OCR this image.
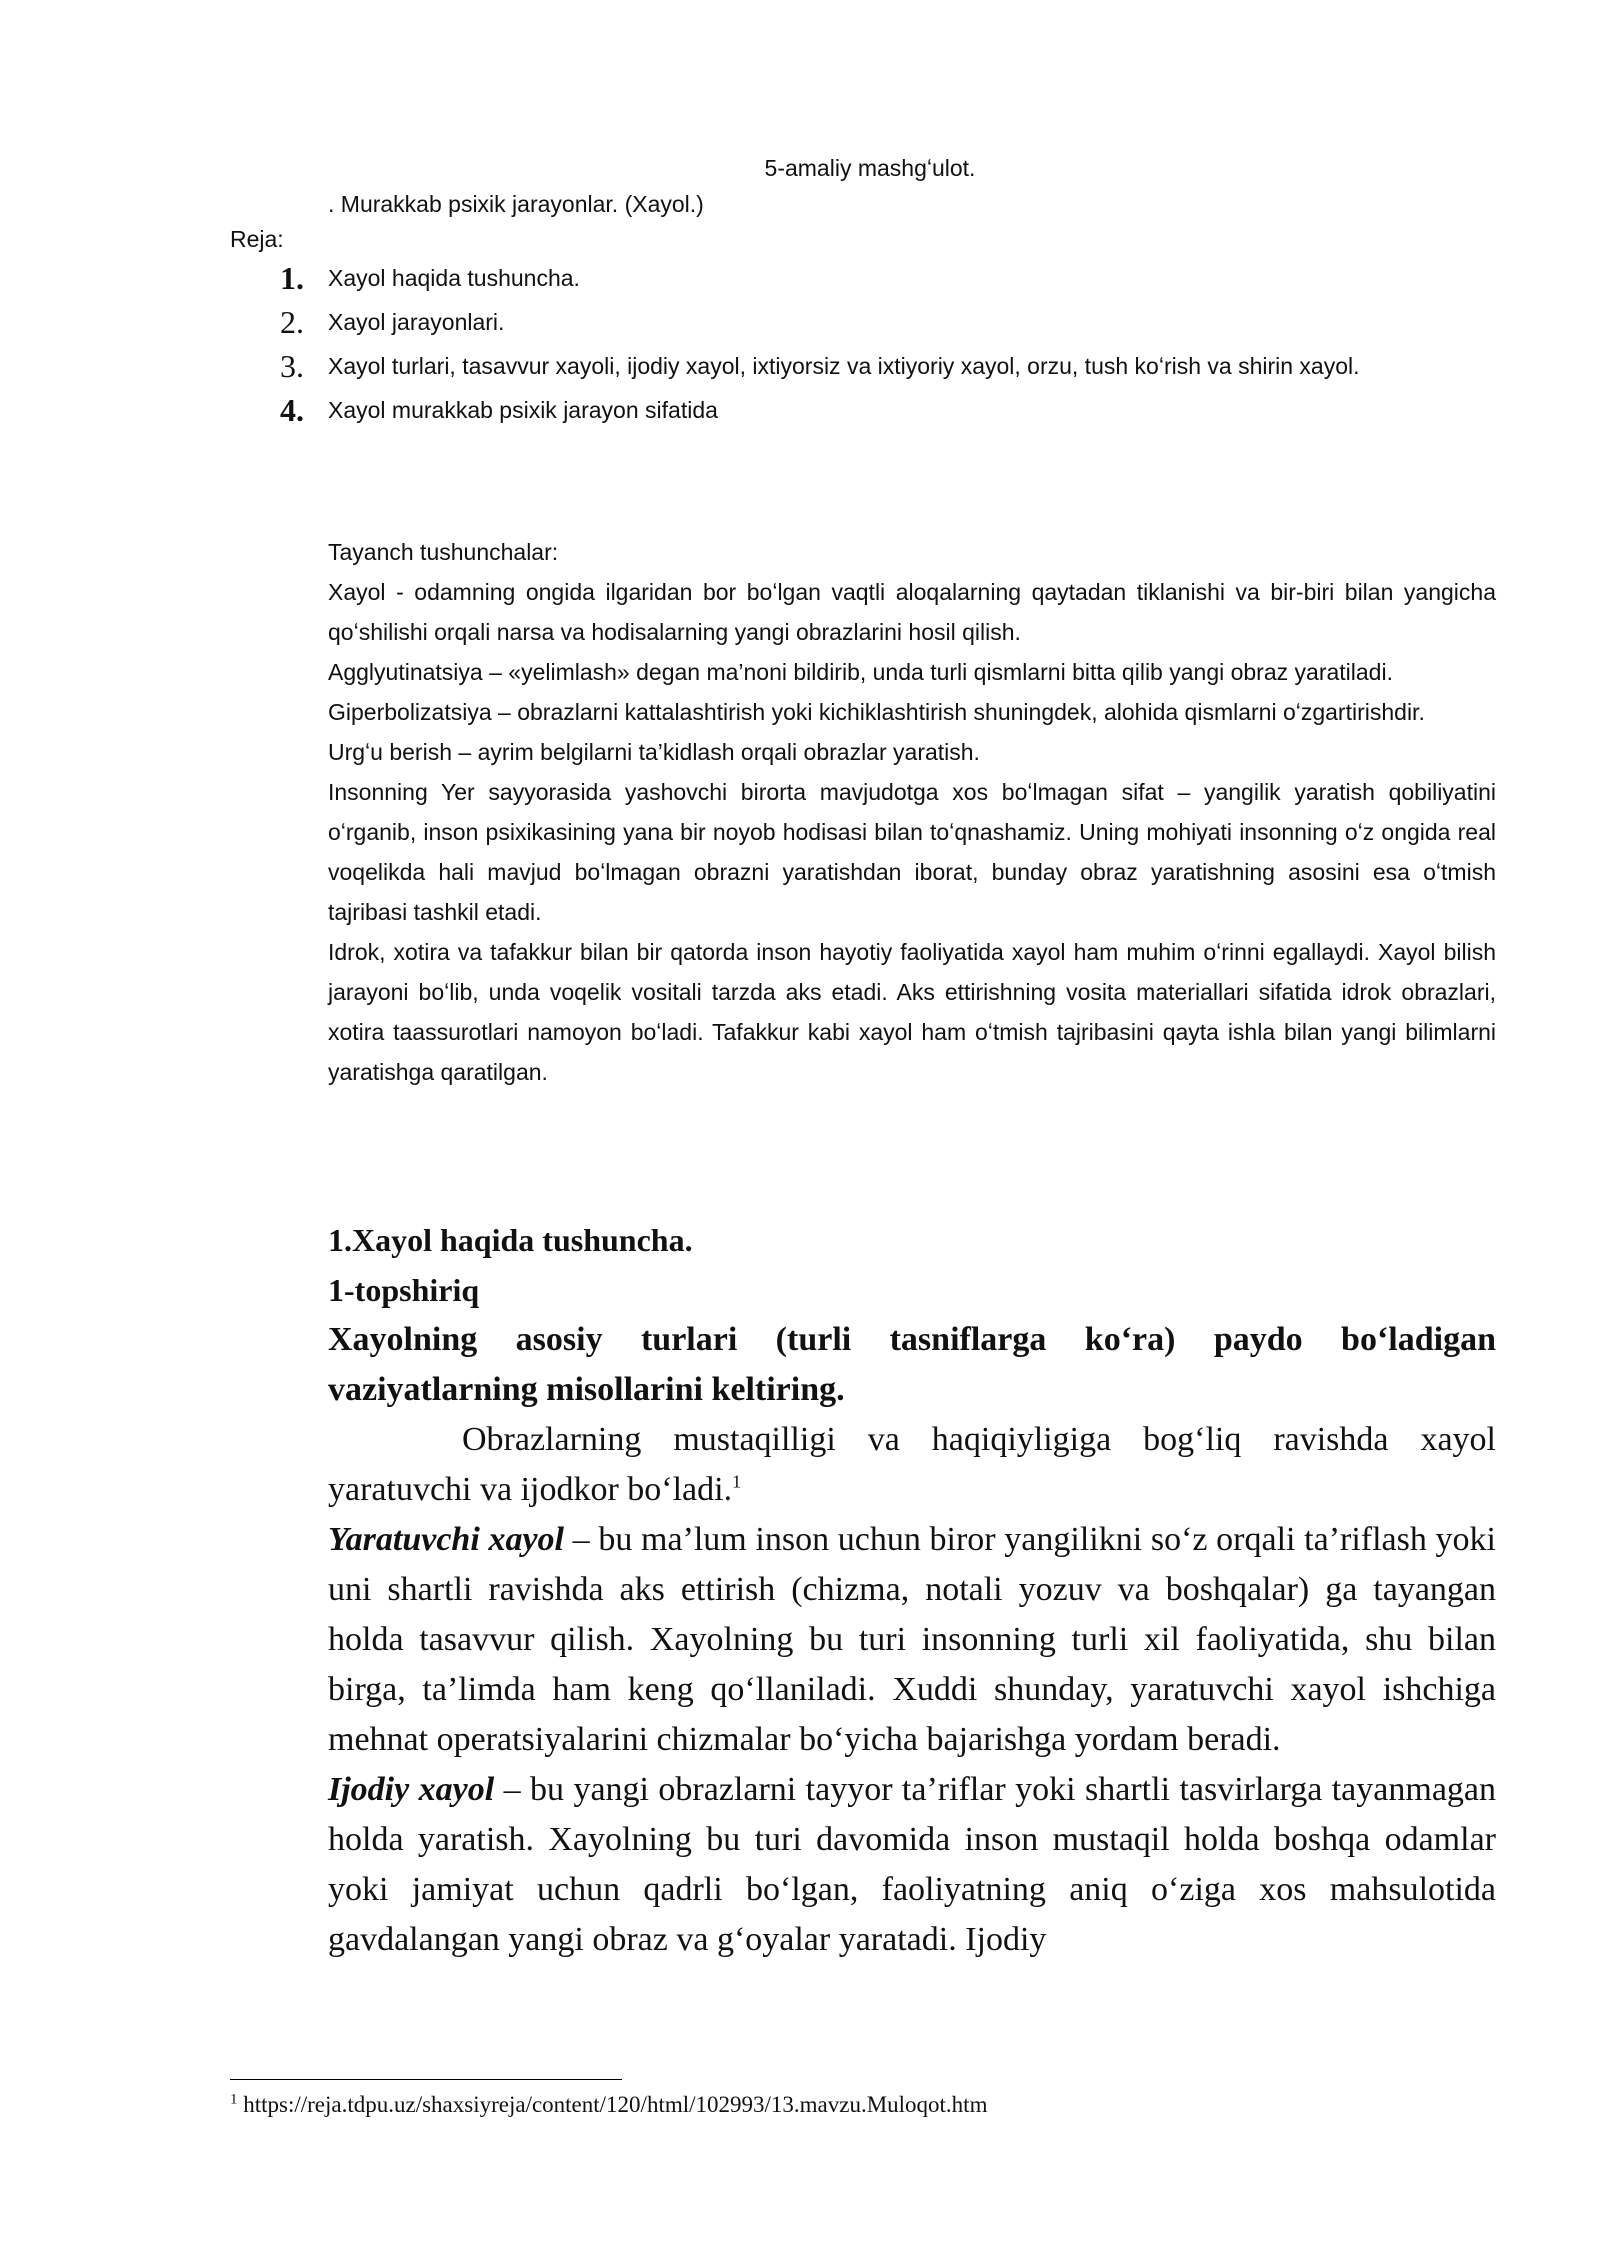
5-amaliy mashgʻulot.
. Murakkab psixik jarayonlar. (Xayol.)
Reja:
1. Xayol haqida tushuncha.
2. Xayol jarayonlari.
3. Xayol turlari, tasavvur xayoli, ijodiy xayol, ixtiyorsiz va ixtiyoriy xayol, orzu, tush koʻrish va shirin xayol.
4. Xayol murakkab psixik jarayon sifatida

Tayanch tushunchalar:

Xayol - odamning ongida ilgaridan bor boʻlgan vaqtli aloqalarning qaytadan tiklanishi va bir-biri bilan yangicha qoʻshilishi orqali narsa va hodisalarning yangi obrazlarini hosil qilish.

Agglyutinatsiya – «yelimlash» degan ma’noni bildirib, unda turli qismlarni bitta qilib yangi obraz yaratiladi.

Giperbolizatsiya – obrazlarni kattalashtirish yoki kichiklashtirish shuningdek, alohida qismlarni oʻzgartirishdir.

Urgʻu berish – ayrim belgilarni ta’kidlash orqali obrazlar yaratish.

Insonning Yer sayyorasida yashovchi birorta mavjudotga xos boʻlmagan sifat – yangilik yaratish qobiliyatini oʻrganib, inson psixikasining yana bir noyob hodisasi bilan toʻqnashamiz. Uning mohiyati insonning oʻz ongida real voqelikda hali mavjud boʻlmagan obrazni yaratishdan iborat, bunday obraz yaratishning asosini esa oʻtmish tajribasi tashkil etadi.

Idrok, xotira va tafakkur bilan bir qatorda inson hayotiy faoliyatida xayol ham muhim oʻrinni egallaydi. Xayol bilish jarayoni boʻlib, unda voqelik vositali tarzda aks etadi. Aks ettirishning vosita materiallari sifatida idrok obrazlari, xotira taassurotlari namoyon boʻladi. Tafakkur kabi xayol ham oʻtmish tajribasini qayta ishla bilan yangi bilimlarni yaratishga qaratilgan.

1.Xayol haqida tushuncha.

1-topshiriq

Xayolning asosiy turlari (turli tasniflarga koʻra) paydo boʻladigan vaziyatlarning misollarini keltiring.

Obrazlarning mustaqilligi va haqiqiyligiga bogʻliq ravishda xayol yaratuvchi va ijodkor boʻladi.$^1$

Yaratuvchi xayol – bu ma’lum inson uchun biror yangilikni soʻz orqali ta’riflash yoki uni shartli ravishda aks ettirish (chizma, notali yozuv va boshqalar) ga tayangan holda tasavvur qilish. Xayolning bu turi insonning turli xil faoliyatida, shu bilan birga, ta’limda ham keng qoʻllaniladi. Xuddi shunday, yaratuvchi xayol ishchiga mehnat operatsiyalarini chizmalar boʻyicha bajarishga yordam beradi.

Ijodiy xayol – bu yangi obrazlarni tayyor ta’riflar yoki shartli tasvirlarga tayanmagan holda yaratish. Xayolning bu turi davomida inson mustaqil holda boshqa odamlar yoki jamiyat uchun qadrli boʻlgan, faoliyatning aniq oʻziga xos mahsulotida gavdalangan yangi obraz va gʻoyalar yaratadi. Ijodiy

$^1$ https://reja.tdpu.uz/shaxsiyreja/content/120/html/102993/13.mavzu.Muloqot.htm
